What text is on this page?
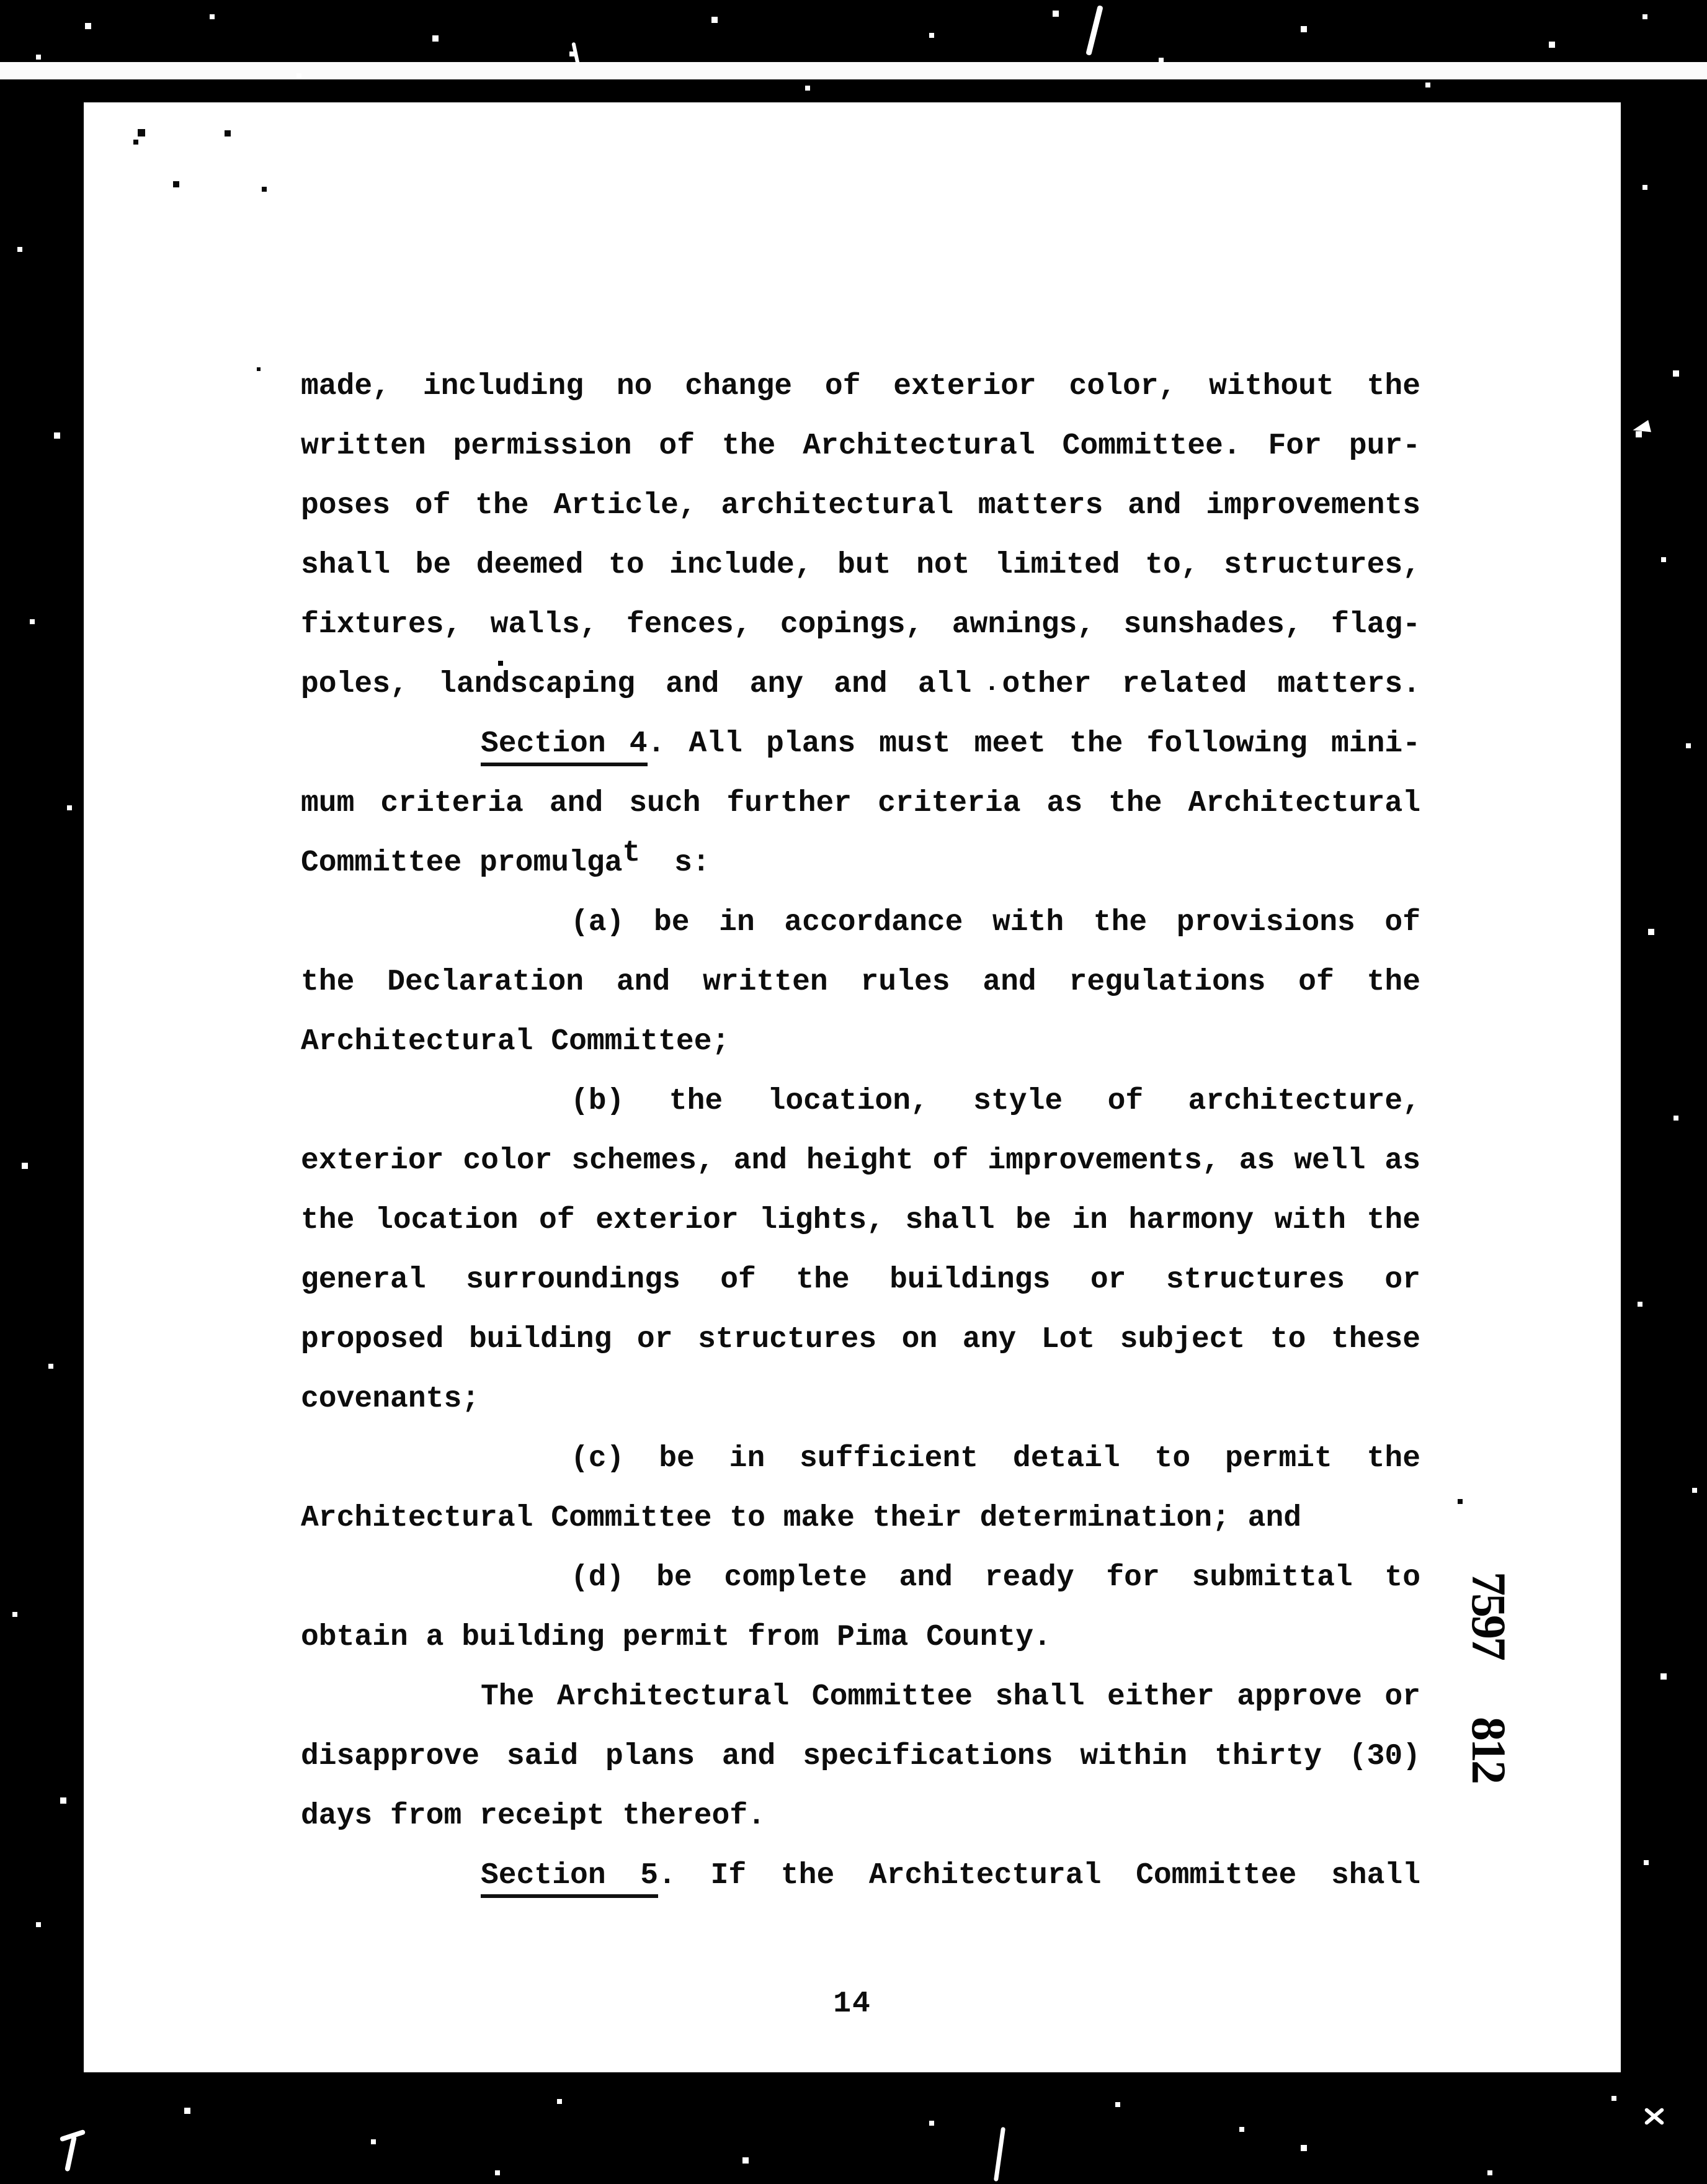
made, including no change of exterior color, without the
written permission of the Architectural Committee. For pur-
poses of the Article, architectural matters and improvements
shall be deemed to include, but not limited to, structures,
fixtures, walls, fences, copings, awnings, sunshades, flag-
poles, landscaping and any and all other related matters.
Section 4. All plans must meet the following mini-
mum criteria and such further criteria as the Architectural
Committee promulgat s:
(a) be in accordance with the provisions of
the Declaration and written rules and regulations of the
Architectural Committee;
(b) the location, style of architecture,
exterior color schemes, and height of improvements, as well as
the location of exterior lights, shall be in harmony with the
general surroundings of the buildings or structures or
proposed building or structures on any Lot subject to these
covenants;
(c) be in sufficient detail to permit the
Architectural Committee to make their determination; and
(d) be complete and ready for submittal to
obtain a building permit from Pima County.
The Architectural Committee shall either approve or
disapprove said plans and specifications within thirty (30)
days from receipt thereof.
Section 5. If the Architectural Committee shall
7597
812
14
